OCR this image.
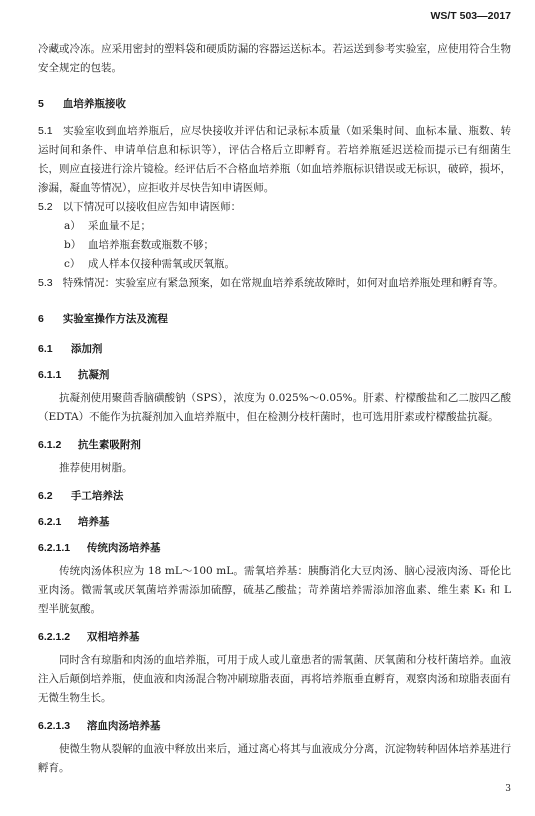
WS/T 503—2017

冷藏或冷冻。应采用密封的塑料袋和硬质防漏的容器运送标本。若运送到参考实验室，应使用符合生物安全规定的包装。

5 血培养瓶接收

5.1 实验室收到血培养瓶后，应尽快接收并评估和记录标本质量（如采集时间、血标本量、瓶数、转运时间和条件、申请单信息和标识等），评估合格后立即孵育。若培养瓶延迟送检而提示已有细菌生长，则应直接进行涂片镜检。经评估后不合格血培养瓶（如血培养瓶标识错误或无标识，破碎，损坏，渗漏，凝血等情况），应拒收并尽快告知申请医师。

5.2 以下情况可以接收但应告知申请医师：

a） 采血量不足；
b） 血培养瓶套数或瓶数不够；
c） 成人样本仅接种需氧或厌氧瓶。

5.3 特殊情况：实验室应有紧急预案，如在常规血培养系统故障时，如何对血培养瓶处理和孵育等。

6 实验室操作方法及流程

6.1 添加剂

6.1.1 抗凝剂

抗凝剂使用聚茴香脑磺酸钠（SPS），浓度为 0.025%～0.05%。肝素、柠檬酸盐和乙二胺四乙酸（EDTA）不能作为抗凝剂加入血培养瓶中，但在检测分枝杆菌时，也可选用肝素或柠檬酸盐抗凝。

6.1.2 抗生素吸附剂

推荐使用树脂。

6.2 手工培养法

6.2.1 培养基

6.2.1.1 传统肉汤培养基

传统肉汤体积应为 18 mL～100 mL。需氧培养基：胰酶消化大豆肉汤、脑心浸液肉汤、哥伦比亚肉汤。微需氧或厌氧菌培养需添加硫醇，硫基乙酸盐；苛养菌培养需添加溶血素、维生素 K₁ 和 L 型半胱氨酸。

6.2.1.2 双相培养基

同时含有琼脂和肉汤的血培养瓶，可用于成人或儿童患者的需氧菌、厌氧菌和分枝杆菌培养。血液注入后颠倒培养瓶，使血液和肉汤混合物冲刷琼脂表面，再将培养瓶垂直孵育，观察肉汤和琼脂表面有无微生物生长。

6.2.1.3 溶血肉汤培养基

使微生物从裂解的血液中释放出来后，通过离心将其与血液成分分离，沉淀物转种固体培养基进行孵育。

3
